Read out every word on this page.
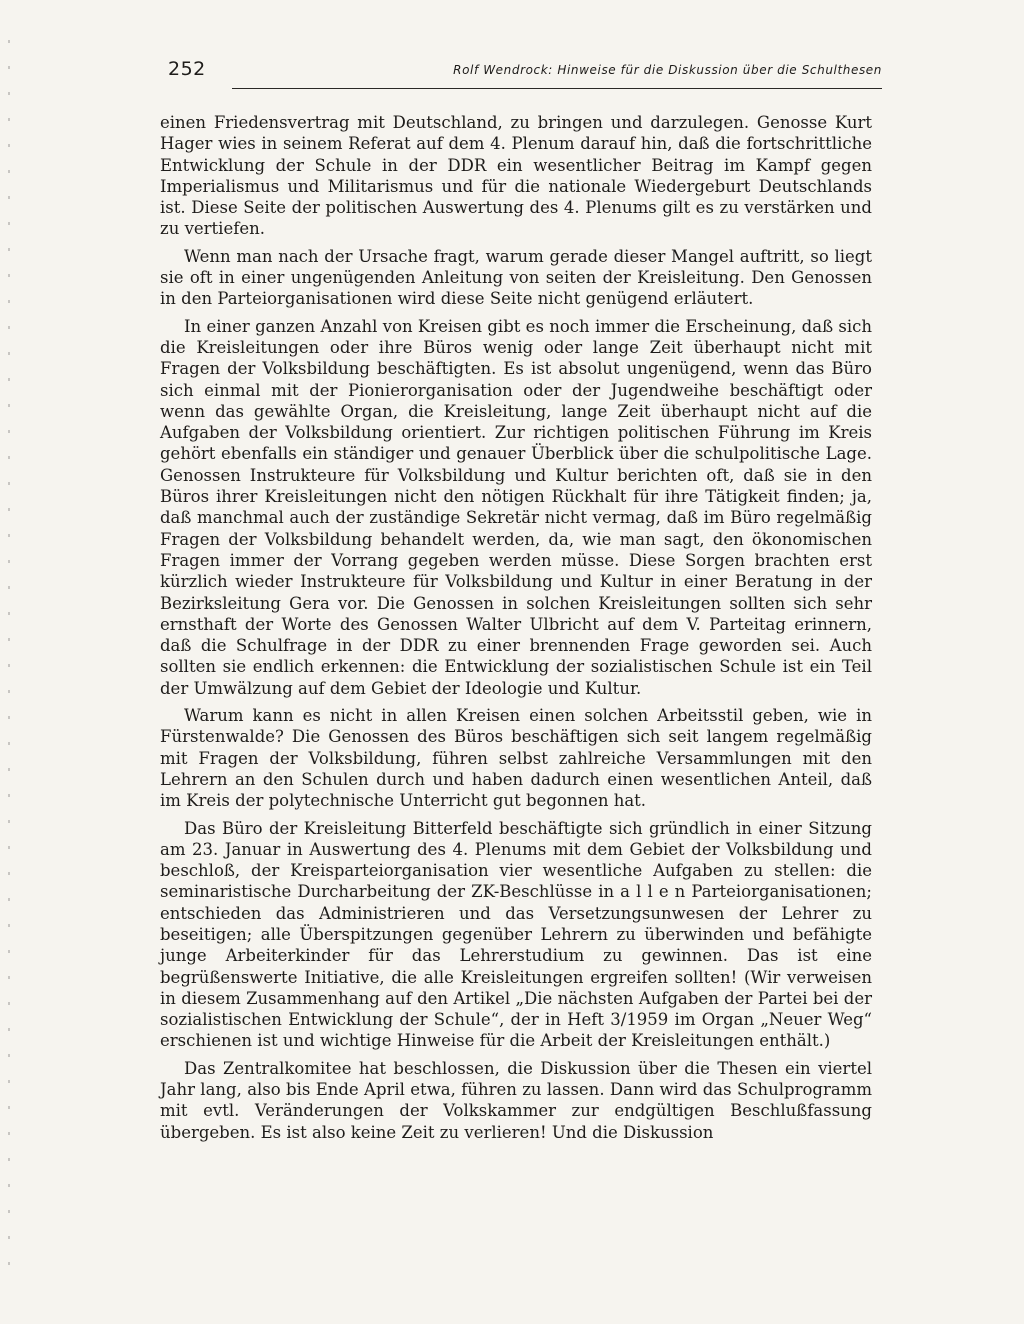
252	Rolf Wendrock: Hinweise für die Diskussion über die Schulthesen

einen Friedensvertrag mit Deutschland, zu bringen und darzulegen. Genosse Kurt Hager wies in seinem Referat auf dem 4. Plenum darauf hin, daß die fortschrittliche Entwicklung der Schule in der DDR ein wesentlicher Beitrag im Kampf gegen Imperialismus und Militarismus und für die nationale Wiedergeburt Deutschlands ist. Diese Seite der politischen Auswertung des 4. Plenums gilt es zu verstärken und zu vertiefen.

Wenn man nach der Ursache fragt, warum gerade dieser Mangel auftritt, so liegt sie oft in einer ungenügenden Anleitung von seiten der Kreisleitung. Den Genossen in den Parteiorganisationen wird diese Seite nicht genügend erläutert.

In einer ganzen Anzahl von Kreisen gibt es noch immer die Erscheinung, daß sich die Kreisleitungen oder ihre Büros wenig oder lange Zeit überhaupt nicht mit Fragen der Volksbildung beschäftigten. Es ist absolut ungenügend, wenn das Büro sich einmal mit der Pionierorganisation oder der Jugendweihe beschäftigt oder wenn das gewählte Organ, die Kreisleitung, lange Zeit überhaupt nicht auf die Aufgaben der Volksbildung orientiert. Zur richtigen politischen Führung im Kreis gehört ebenfalls ein ständiger und genauer Überblick über die schulpolitische Lage. Genossen Instrukteure für Volksbildung und Kultur berichten oft, daß sie in den Büros ihrer Kreisleitungen nicht den nötigen Rückhalt für ihre Tätigkeit finden; ja, daß manchmal auch der zuständige Sekretär nicht vermag, daß im Büro regelmäßig Fragen der Volksbildung behandelt werden, da, wie man sagt, den ökonomischen Fragen immer der Vorrang gegeben werden müsse. Diese Sorgen brachten erst kürzlich wieder Instrukteure für Volksbildung und Kultur in einer Beratung in der Bezirksleitung Gera vor. Die Genossen in solchen Kreisleitungen sollten sich sehr ernsthaft der Worte des Genossen Walter Ulbricht auf dem V. Parteitag erinnern, daß die Schulfrage in der DDR zu einer brennenden Frage geworden sei. Auch sollten sie endlich erkennen: die Entwicklung der sozialistischen Schule ist ein Teil der Umwälzung auf dem Gebiet der Ideologie und Kultur.

Warum kann es nicht in allen Kreisen einen solchen Arbeitsstil geben, wie in Fürstenwalde? Die Genossen des Büros beschäftigen sich seit langem regelmäßig mit Fragen der Volksbildung, führen selbst zahlreiche Versammlungen mit den Lehrern an den Schulen durch und haben dadurch einen wesentlichen Anteil, daß im Kreis der polytechnische Unterricht gut begonnen hat.

Das Büro der Kreisleitung Bitterfeld beschäftigte sich gründlich in einer Sitzung am 23. Januar in Auswertung des 4. Plenums mit dem Gebiet der Volksbildung und beschloß, der Kreisparteiorganisation vier wesentliche Aufgaben zu stellen: die seminaristische Durcharbeitung der ZK-Beschlüsse in a l l e n Parteiorganisationen; entschieden das Administrieren und das Versetzungsunwesen der Lehrer zu beseitigen; alle Überspitzungen gegenüber Lehrern zu überwinden und befähigte junge Arbeiterkinder für das Lehrerstudium zu gewinnen. Das ist eine begrüßenswerte Initiative, die alle Kreisleitungen ergreifen sollten! (Wir verweisen in diesem Zusammenhang auf den Artikel „Die nächsten Aufgaben der Partei bei der sozialistischen Entwicklung der Schule“, der in Heft 3/1959 im Organ „Neuer Weg“ erschienen ist und wichtige Hinweise für die Arbeit der Kreisleitungen enthält.)

Das Zentralkomitee hat beschlossen, die Diskussion über die Thesen ein viertel Jahr lang, also bis Ende April etwa, führen zu lassen. Dann wird das Schulprogramm mit evtl. Veränderungen der Volkskammer zur endgültigen Beschlußfassung übergeben. Es ist also keine Zeit zu verlieren! Und die Diskussion
